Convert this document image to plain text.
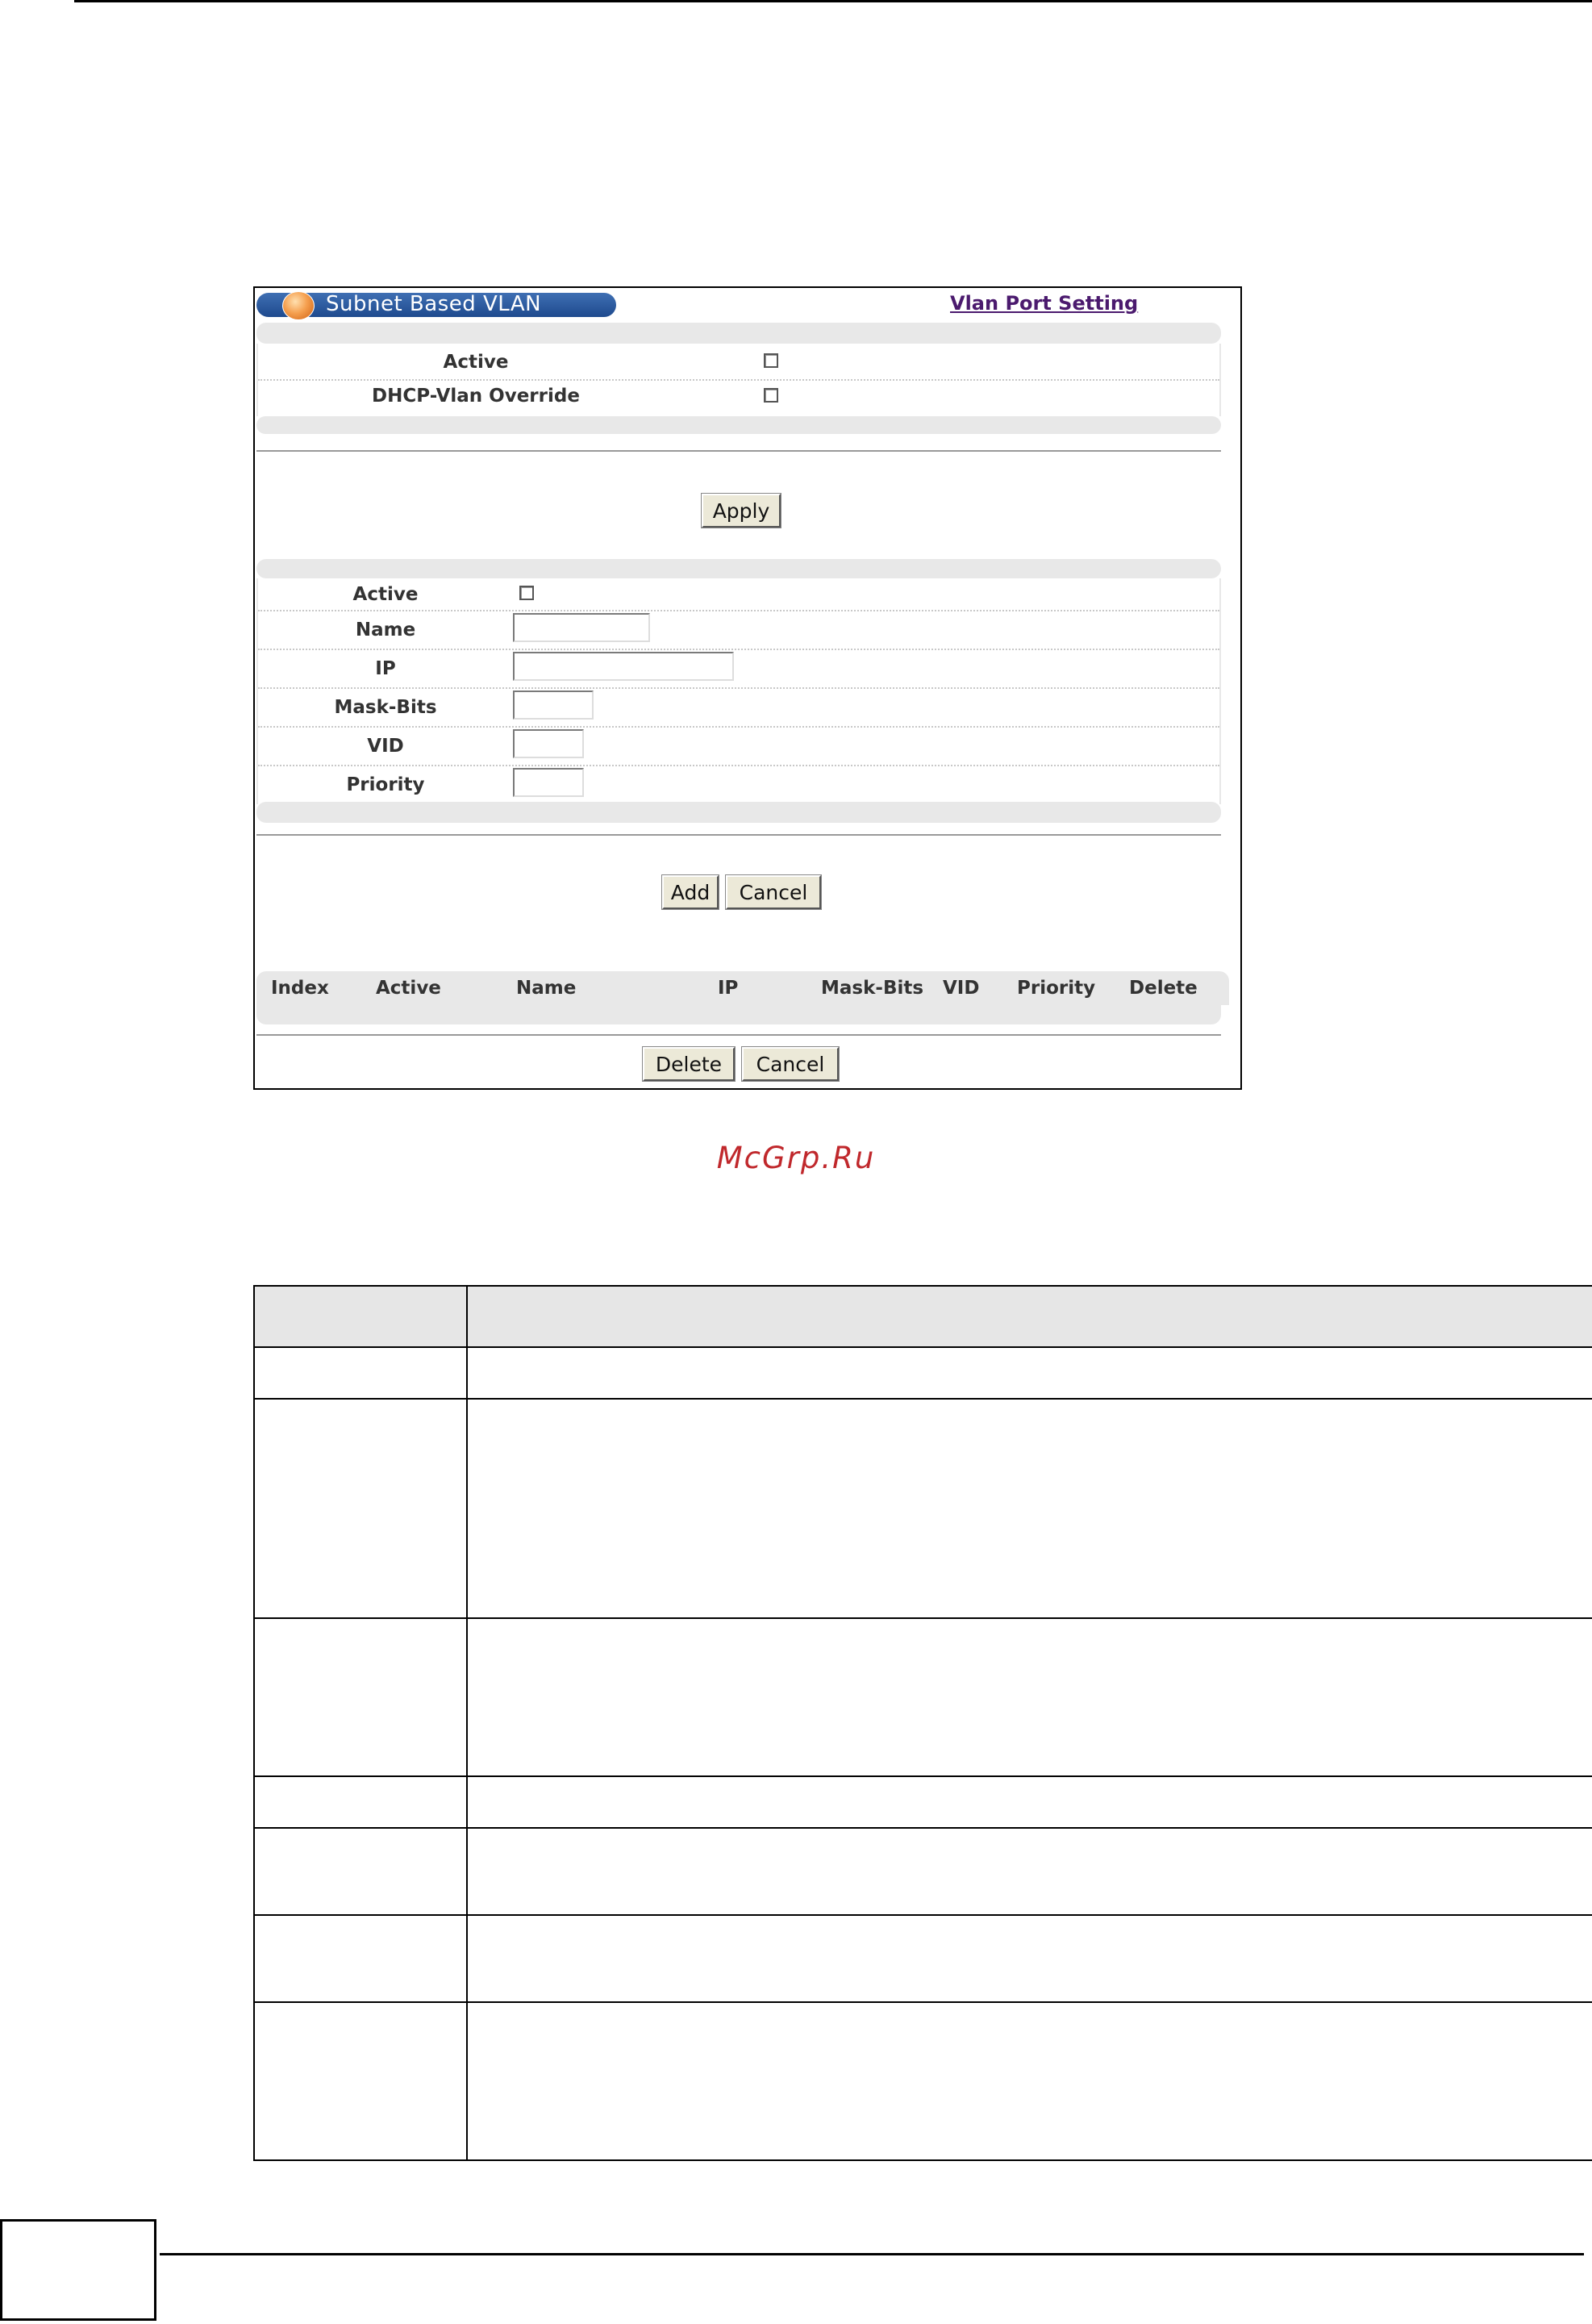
Subnet Based VLAN	Vlan Port Setting
Active
DHCP-Vlan Override
Apply
Active
Name
IP
Mask-Bits
VID
Priority
Add	Cancel
Index	Active	Name	IP	Mask-Bits VID Priority Delete
Delete	Cancel
McGrp.Ru
